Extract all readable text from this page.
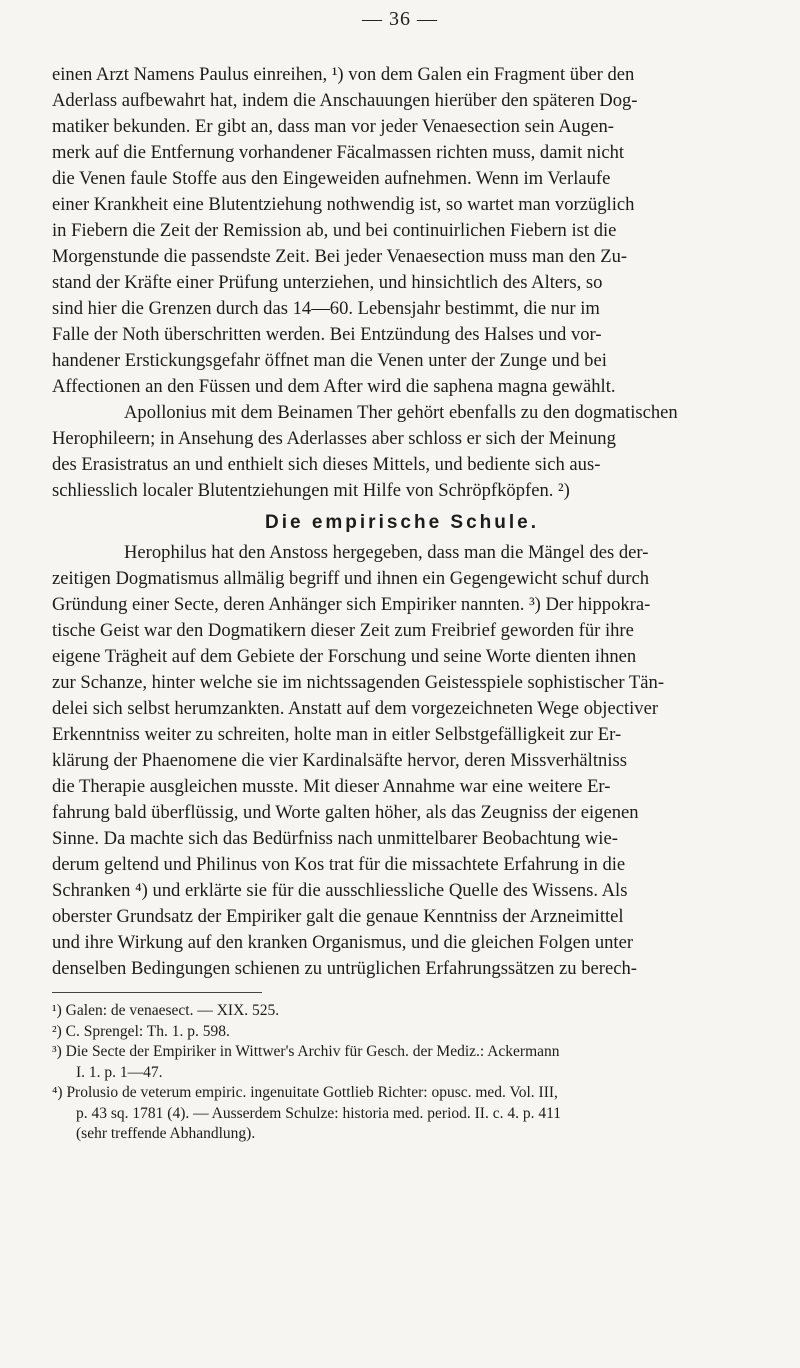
— 36 —
einen Arzt Namens Paulus einreihen, ¹) von dem Galen ein Fragment über den
Aderlass aufbewahrt hat, indem die Anschauungen hierüber den späteren Dog-
matiker bekunden. Er gibt an, dass man vor jeder Venaesection sein Augen-
merk auf die Entfernung vorhandener Fäcalmassen richten muss, damit nicht
die Venen faule Stoffe aus den Eingeweiden aufnehmen. Wenn im Verlaufe
einer Krankheit eine Blutentziehung nothwendig ist, so wartet man vorzüglich
in Fiebern die Zeit der Remission ab, und bei continuirlichen Fiebern ist die
Morgenstunde die passendste Zeit. Bei jeder Venaesection muss man den Zu-
stand der Kräfte einer Prüfung unterziehen, und hinsichtlich des Alters, so
sind hier die Grenzen durch das 14—60. Lebensjahr bestimmt, die nur im
Falle der Noth überschritten werden. Bei Entzündung des Halses und vor-
handener Erstickungsgefahr öffnet man die Venen unter der Zunge und bei
Affectionen an den Füssen und dem After wird die saphena magna gewählt.
Apollonius mit dem Beinamen Ther gehört ebenfalls zu den dogmatischen
Herophileern; in Ansehung des Aderlasses aber schloss er sich der Meinung
des Erasistratus an und enthielt sich dieses Mittels, und bediente sich aus-
schliesslich localer Blutentziehungen mit Hilfe von Schröpfköpfen. ²)
Die empirische Schule.
Herophilus hat den Anstoss hergegeben, dass man die Mängel des der-
zeitigen Dogmatismus allmälig begriff und ihnen ein Gegengewicht schuf durch
Gründung einer Secte, deren Anhänger sich Empiriker nannten. ³) Der hippokra-
tische Geist war den Dogmatikern dieser Zeit zum Freibrief geworden für ihre
eigene Trägheit auf dem Gebiete der Forschung und seine Worte dienten ihnen
zur Schanze, hinter welche sie im nichtssagenden Geistesspiele sophistischer Tän-
delei sich selbst herumzankten. Anstatt auf dem vorgezeichneten Wege objectiver
Erkenntniss weiter zu schreiten, holte man in eitler Selbstgefälligkeit zur Er-
klärung der Phaenomene die vier Kardinalsäfte hervor, deren Missverhältniss
die Therapie ausgleichen musste. Mit dieser Annahme war eine weitere Er-
fahrung bald überflüssig, und Worte galten höher, als das Zeugniss der eigenen
Sinne. Da machte sich das Bedürfniss nach unmittelbarer Beobachtung wie-
derum geltend und Philinus von Kos trat für die missachtete Erfahrung in die
Schranken ⁴) und erklärte sie für die ausschliessliche Quelle des Wissens. Als
oberster Grundsatz der Empiriker galt die genaue Kenntniss der Arzneimittel
und ihre Wirkung auf den kranken Organismus, und die gleichen Folgen unter
denselben Bedingungen schienen zu untrüglichen Erfahrungssätzen zu berech-
¹) Galen: de venaesect. — XIX. 525.
²) C. Sprengel: Th. 1. p. 598.
³) Die Secte der Empiriker in Wittwer's Archiv für Gesch. der Mediz.: Ackermann
I. 1. p. 1—47.
⁴) Prolusio de veterum empiric. ingenuitate Gottlieb Richter: opusc. med. Vol. III,
p. 43 sq. 1781 (4). — Ausserdem Schulze: historia med. period. II. c. 4. p. 411
(sehr treffende Abhandlung).
